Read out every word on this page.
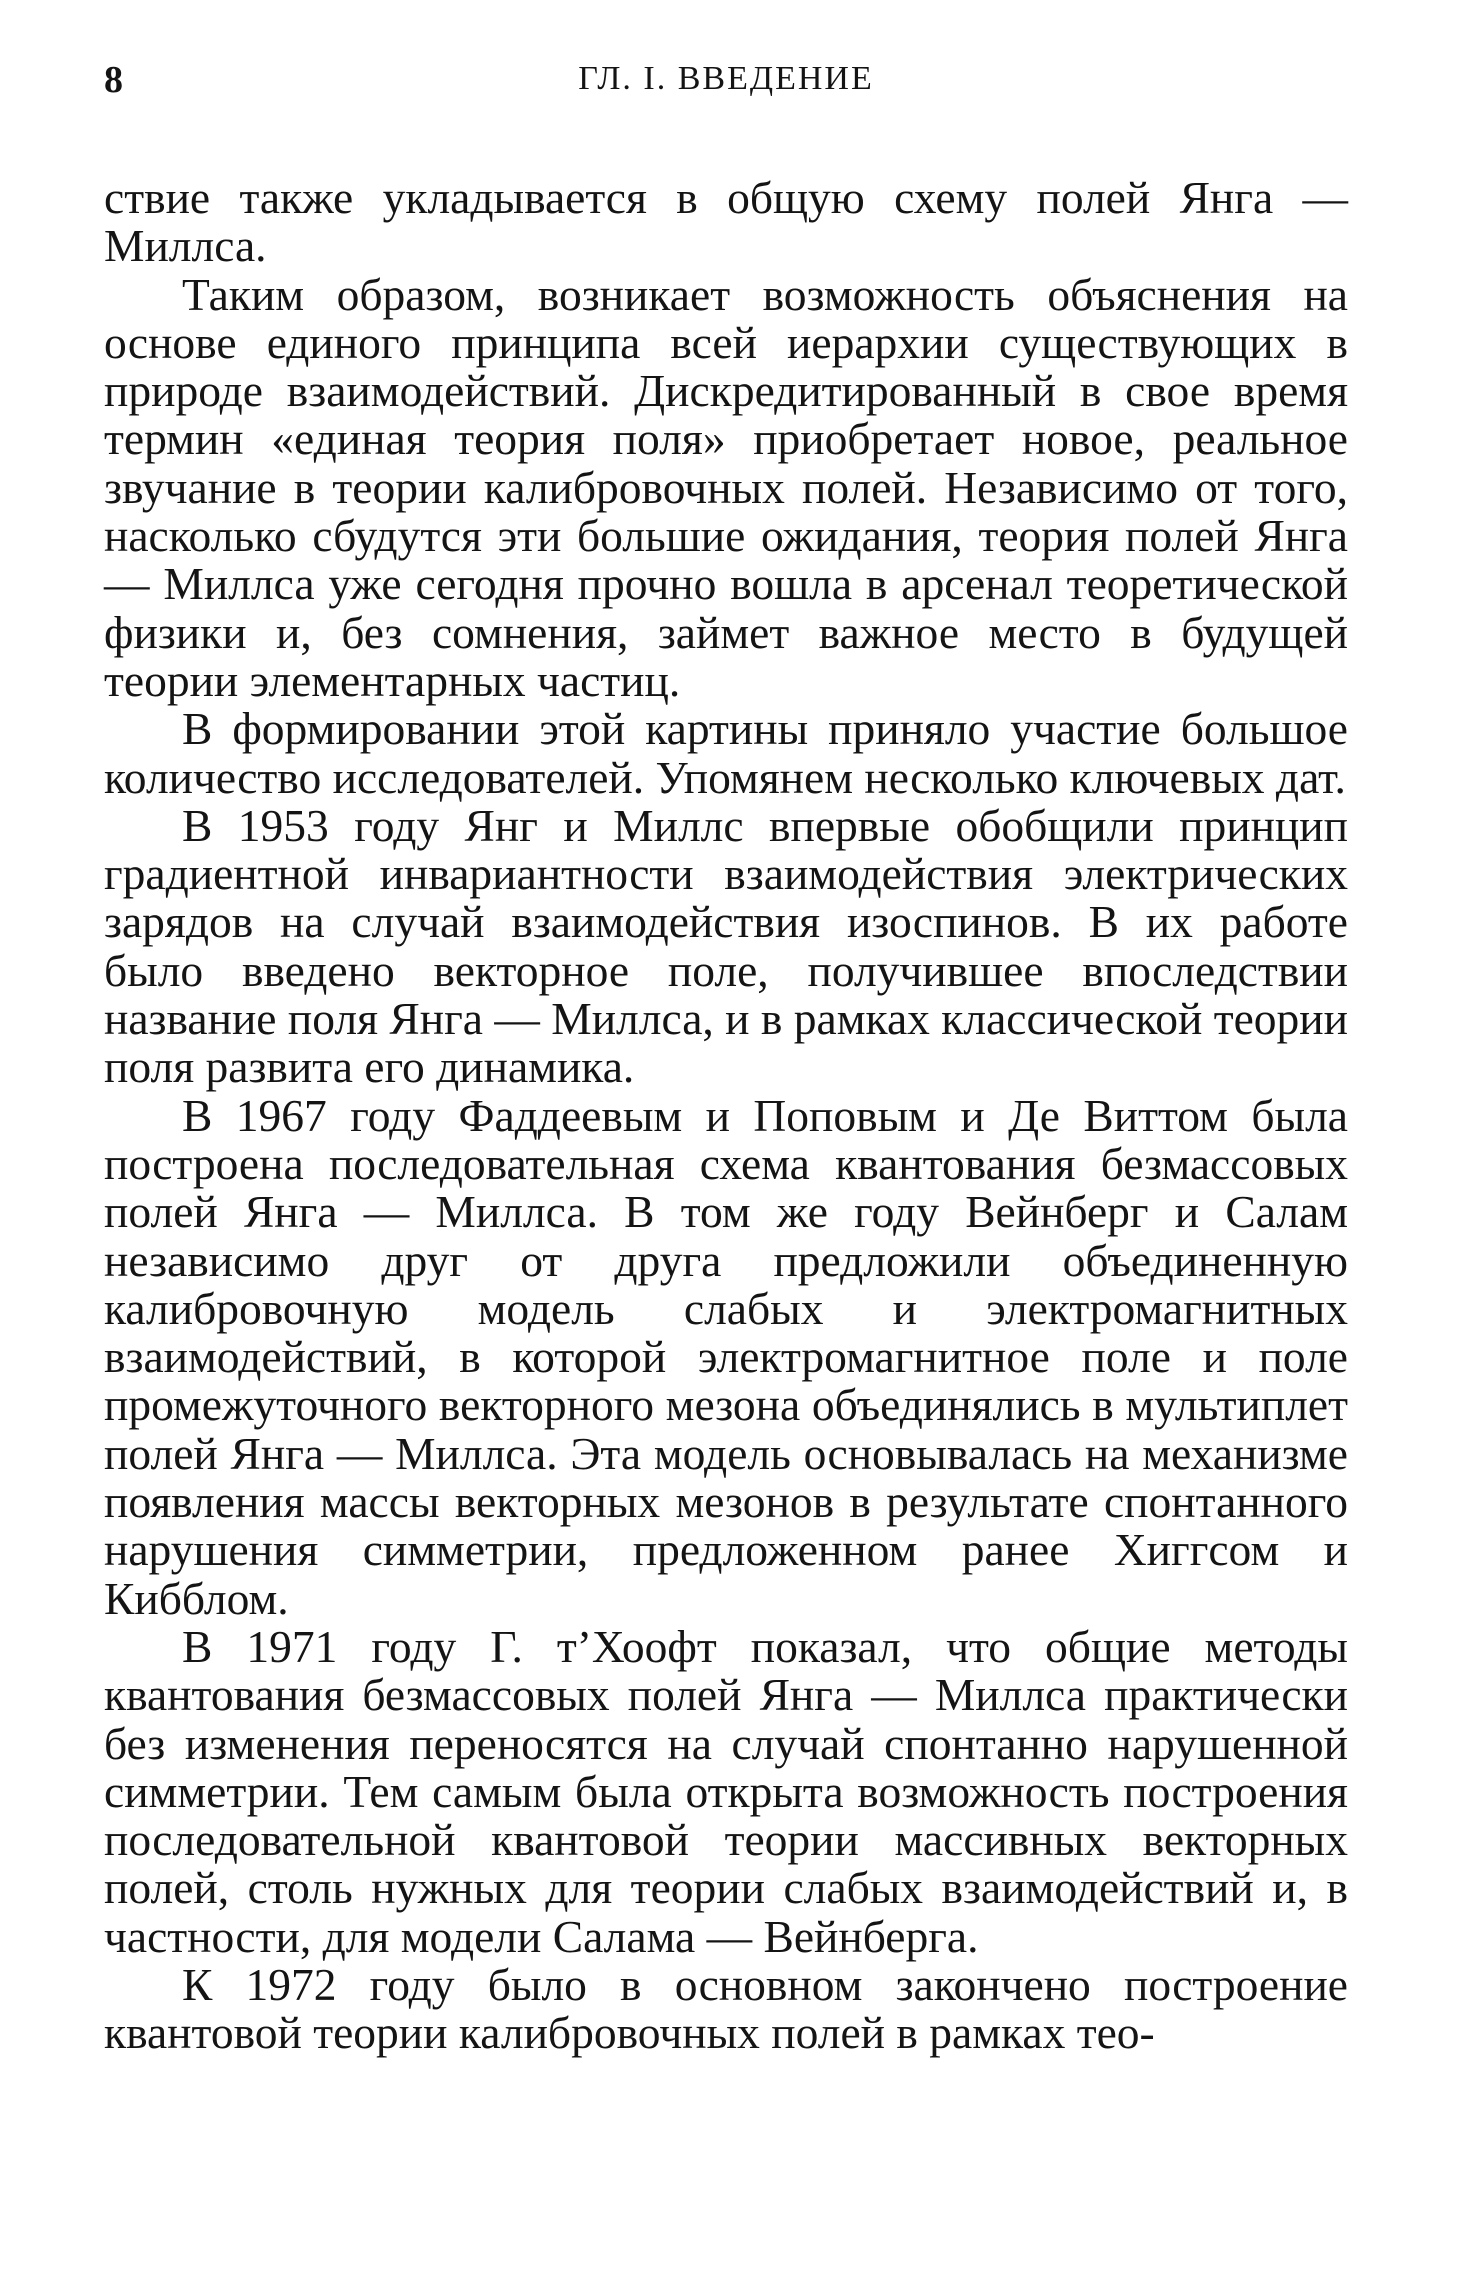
8	ГЛ. I. ВВЕДЕНИЕ

ствие также укладывается в общую схему полей Янга — Миллса.

Таким образом, возникает возможность объяснения на основе единого принципа всей иерархии существующих в природе взаимодействий. Дискредитированный в свое время термин «единая теория поля» приобретает новое, реальное звучание в теории калибровочных полей. Независимо от того, насколько сбудутся эти большие ожидания, теория полей Янга — Миллса уже сегодня прочно вошла в арсенал теоретической физики и, без сомнения, займет важное место в будущей теории элементарных частиц.

В формировании этой картины приняло участие большое количество исследователей. Упомянем несколько ключевых дат.

В 1953 году Янг и Миллс впервые обобщили принцип градиентной инвариантности взаимодействия электрических зарядов на случай взаимодействия изоспинов. В их работе было введено векторное поле, получившее впоследствии название поля Янга — Миллса, и в рамках классической теории поля развита его динамика.

В 1967 году Фаддеевым и Поповым и Де Виттом была построена последовательная схема квантования безмассовых полей Янга — Миллса. В том же году Вейнберг и Салам независимо друг от друга предложили объединенную калибровочную модель слабых и электромагнитных взаимодействий, в которой электромагнитное поле и поле промежуточного векторного мезона объединялись в мультиплет полей Янга — Миллса. Эта модель основывалась на механизме появления массы векторных мезонов в результате спонтанного нарушения симметрии, предложенном ранее Хиггсом и Кибблом.

В 1971 году Г. т’Хоофт показал, что общие методы квантования безмассовых полей Янга — Миллса практически без изменения переносятся на случай спонтанно нарушенной симметрии. Тем самым была открыта возможность построения последовательной квантовой теории массивных векторных полей, столь нужных для теории слабых взаимодействий и, в частности, для модели Салама — Вейнберга.

К 1972 году было в основном закончено построение квантовой теории калибровочных полей в рамках тео-
